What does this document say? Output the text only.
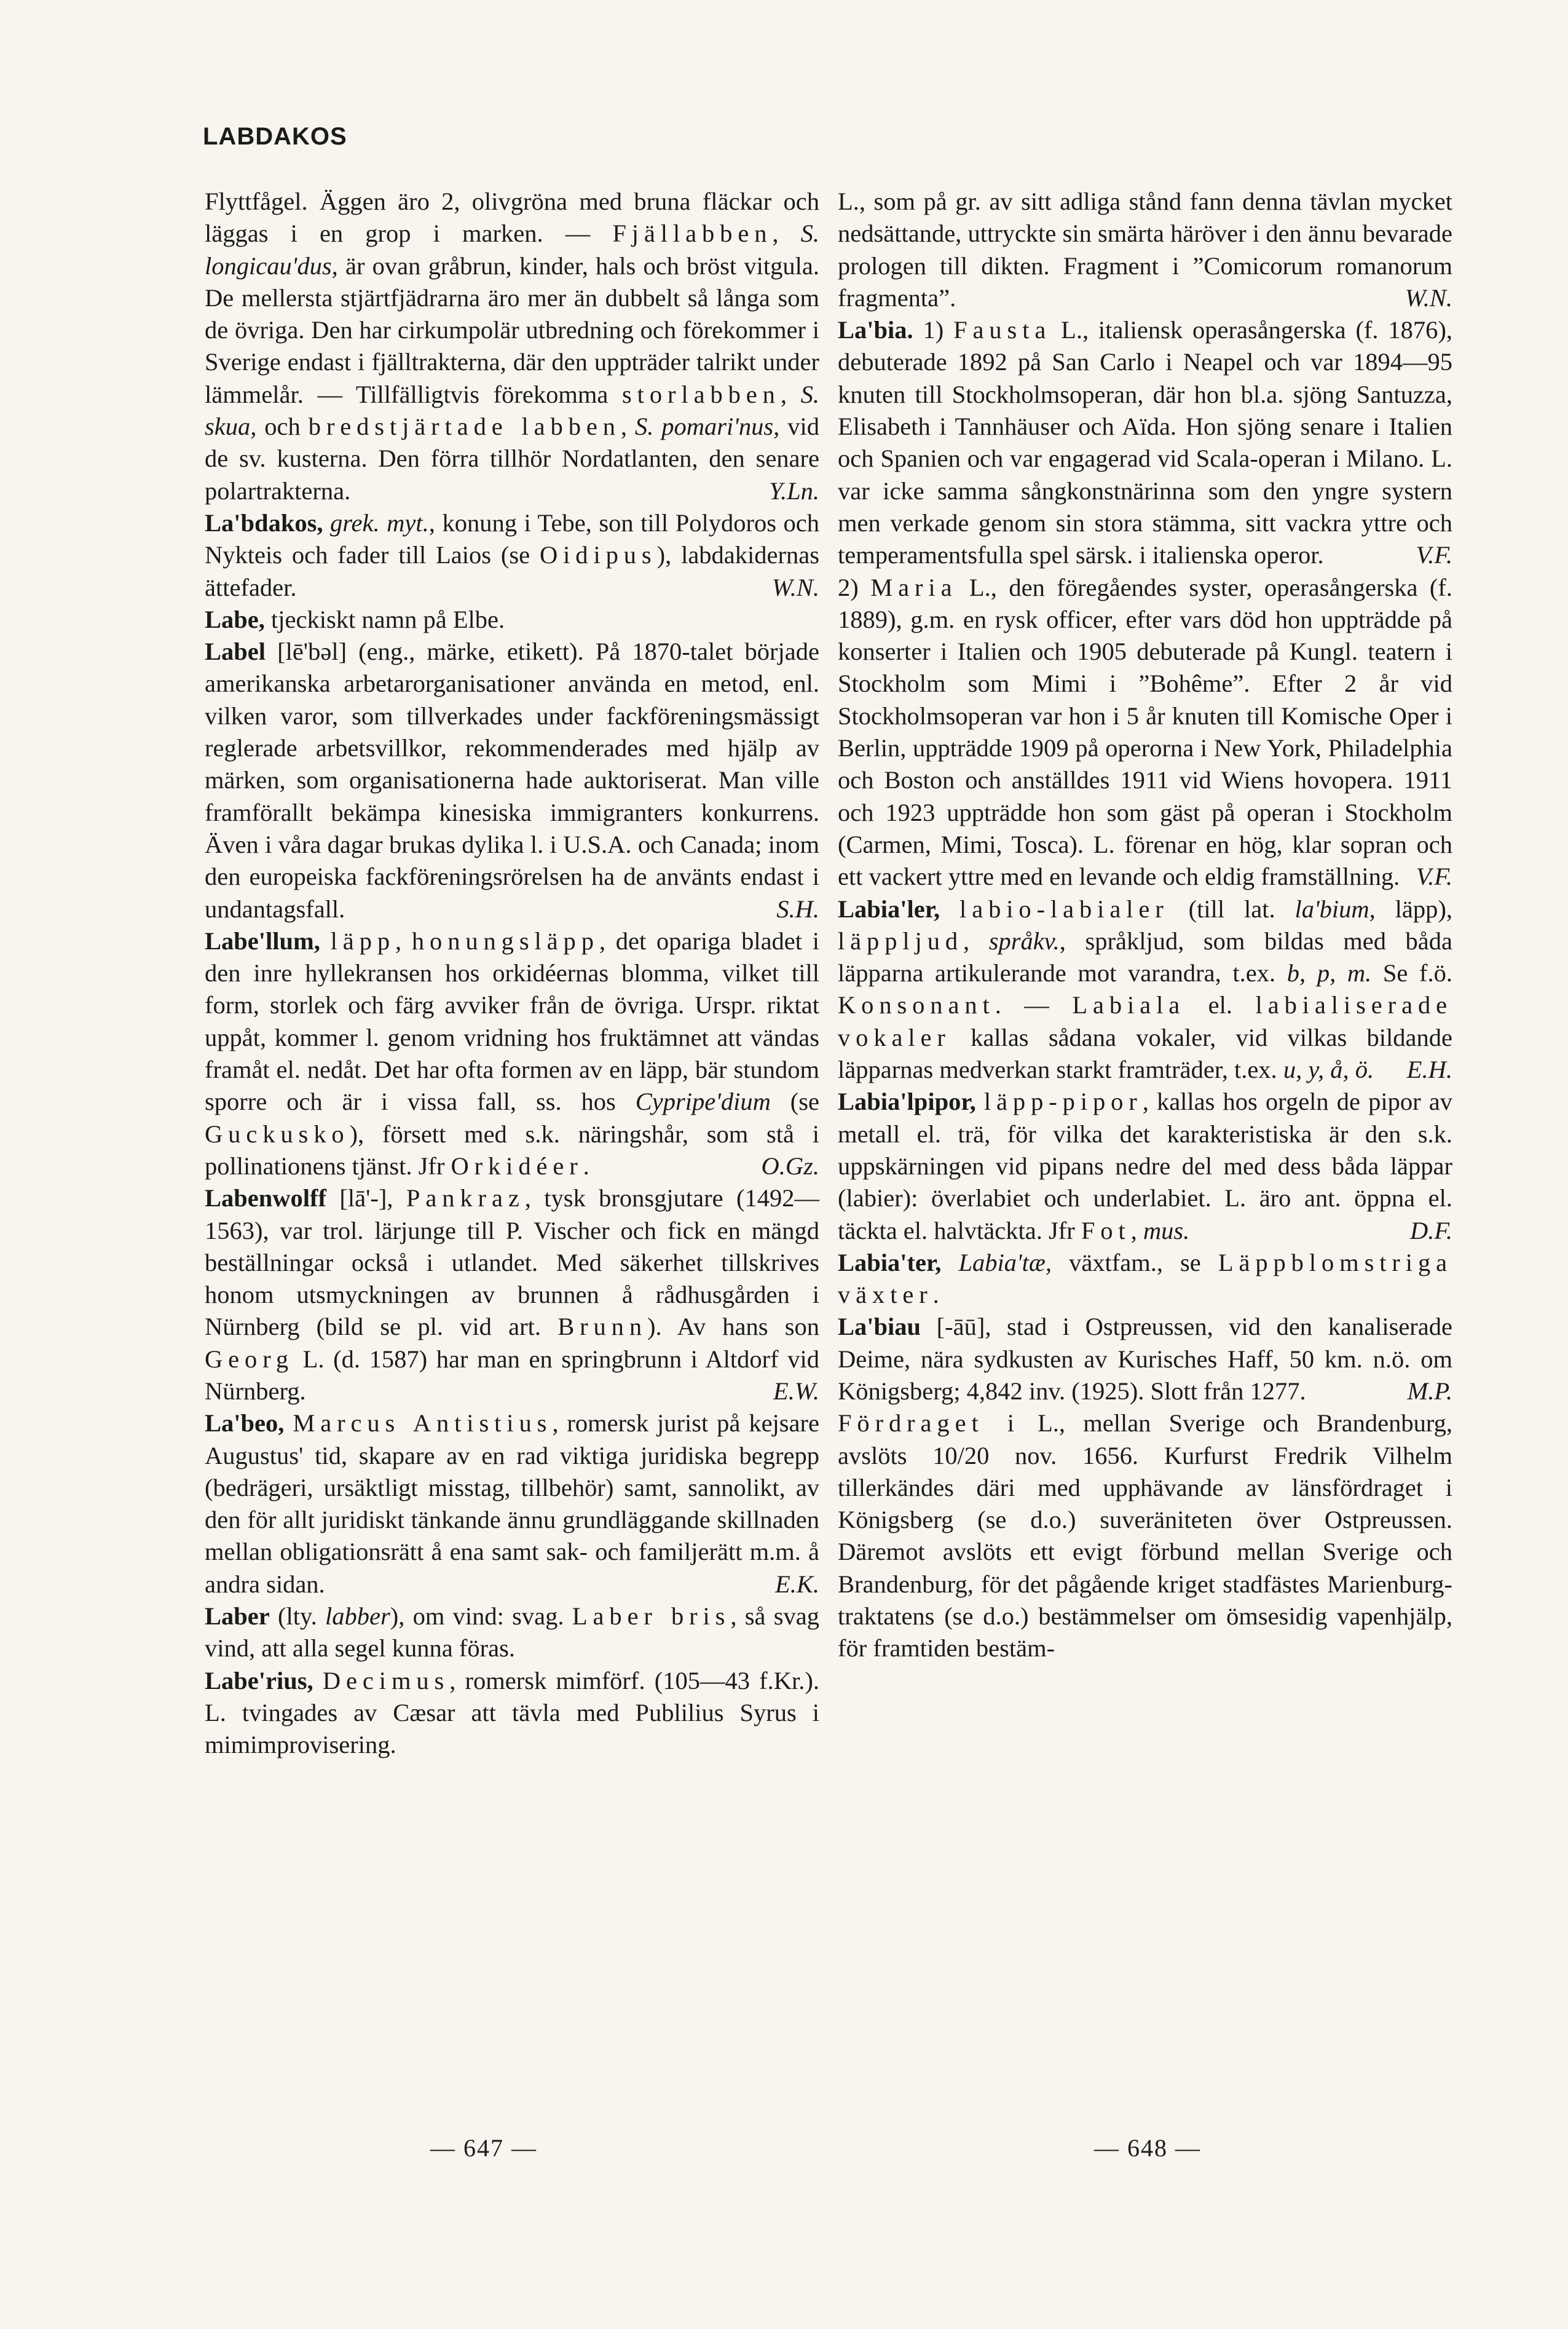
LABDAKOS

Flyttfågel. Äggen äro 2, olivgröna med bruna fläckar och läggas i en grop i marken. — Fjällabben, S. longicau'dus, är ovan gråbrun, kinder, hals och bröst vitgula. De mellersta stjärtfjädrarna äro mer än dubbelt så långa som de övriga. Den har cirkumpolär utbredning och förekommer i Sverige endast i fjälltrakterna, där den uppträder talrikt under lämmelår. — Tillfälligtvis förekomma storlabben, S. skua, och bredstjärtade labben, S. pomari'nus, vid de sv. kusterna. Den förra tillhör Nordatlanten, den senare polartrakterna.	Y.Ln.

La'bdakos, grek. myt., konung i Tebe, son till Polydoros och Nykteis och fader till Laios (se Oidipus), labdakidernas ättefader.	W.N.

Labe, tjeckiskt namn på Elbe.

Label [lē'bəl] (eng., märke, etikett). På 1870-talet började amerikanska arbetarorganisationer använda en metod, enl. vilken varor, som tillverkades under fackföreningsmässigt reglerade arbetsvillkor, rekommenderades med hjälp av märken, som organisationerna hade auktoriserat. Man ville framförallt bekämpa kinesiska immigranters konkurrens. Även i våra dagar brukas dylika l. i U.S.A. och Canada; inom den europeiska fackföreningsrörelsen ha de använts endast i undantagsfall.	S.H.

Labe'llum, läpp, honungsläpp, det opariga bladet i den inre hyllekransen hos orkidéernas blomma, vilket till form, storlek och färg avviker från de övriga. Urspr. riktat uppåt, kommer l. genom vridning hos fruktämnet att vändas framåt el. nedåt. Det har ofta formen av en läpp, bär stundom sporre och är i vissa fall, ss. hos Cypripe'dium (se Guckusko), försett med s.k. näringshår, som stå i pollinationens tjänst. Jfr Orkidéer.	O.Gz.

Labenwolff [lā'-], Pankraz, tysk bronsgjutare (1492—1563), var trol. lärjunge till P. Vischer och fick en mängd beställningar också i utlandet. Med säkerhet tillskrives honom utsmyckningen av brunnen å rådhusgården i Nürnberg (bild se pl. vid art. Brunn). Av hans son Georg L. (d. 1587) har man en springbrunn i Altdorf vid Nürnberg.	E.W.

La'beo, Marcus Antistius, romersk jurist på kejsare Augustus' tid, skapare av en rad viktiga juridiska begrepp (bedrägeri, ursäktligt misstag, tillbehör) samt, sannolikt, av den för allt juridiskt tänkande ännu grundläggande skillnaden mellan obligationsrätt å ena samt sak- och familjerätt m.m. å andra sidan.	E.K.

Laber (lty. labber), om vind: svag. Laber bris, så svag vind, att alla segel kunna föras.

Labe'rius, Decimus, romersk mimförf. (105—43 f.Kr.). L. tvingades av Cæsar att tävla med Publilius Syrus i mimimprovisering.

L., som på gr. av sitt adliga stånd fann denna tävlan mycket nedsättande, uttryckte sin smärta häröver i den ännu bevarade prologen till dikten. Fragment i ”Comicorum romanorum fragmenta”.	W.N.

La'bia. 1) Fausta L., italiensk operasångerska (f. 1876), debuterade 1892 på San Carlo i Neapel och var 1894—95 knuten till Stockholmsoperan, där hon bl.a. sjöng Santuzza, Elisabeth i Tannhäuser och Aïda. Hon sjöng senare i Italien och Spanien och var engagerad vid Scala-operan i Milano. L. var icke samma sångkonstnärinna som den yngre systern men verkade genom sin stora stämma, sitt vackra yttre och temperamentsfulla spel särsk. i italienska operor.	V.F.

2) Maria L., den föregåendes syster, operasångerska (f. 1889), g.m. en rysk officer, efter vars död hon uppträdde på konserter i Italien och 1905 debuterade på Kungl. teatern i Stockholm som Mimi i ”Bohême”. Efter 2 år vid Stockholmsoperan var hon i 5 år knuten till Komische Oper i Berlin, uppträdde 1909 på operorna i New York, Philadelphia och Boston och anställdes 1911 vid Wiens hovopera. 1911 och 1923 uppträdde hon som gäst på operan i Stockholm (Carmen, Mimi, Tosca). L. förenar en hög, klar sopran och ett vackert yttre med en levande och eldig framställning. V.F.

Labia'ler, labio-labialer (till lat. la'bium, läpp), läppljud, språkv., språkljud, som bildas med båda läpparna artikulerande mot varandra, t.ex. b, p, m. Se f.ö. Konsonant. — Labiala el. labialiserade vokaler kallas sådana vokaler, vid vilkas bildande läpparnas medverkan starkt framträder, t.ex. u, y, å, ö. E.H.

Labia'lpipor, läpp-pipor, kallas hos orgeln de pipor av metall el. trä, för vilka det karakteristiska är den s.k. uppskärningen vid pipans nedre del med dess båda läppar (labier): överlabiet och underlabiet. L. äro ant. öppna el. täckta el. halvtäckta. Jfr Fot, mus.	D.F.

Labia'ter, Labia'tæ, växtfam., se Läppblomstriga växter.

La'biau [-āū], stad i Ostpreussen, vid den kanaliserade Deime, nära sydkusten av Kurisches Haff, 50 km. n.ö. om Königsberg; 4,842 inv. (1925). Slott från 1277.	M.P.

Fördraget i L., mellan Sverige och Brandenburg, avslöts 10/20 nov. 1656. Kurfurst Fredrik Vilhelm tillerkändes däri med upphävande av länsfördraget i Königsberg (se d.o.) suveräniteten över Ostpreussen. Däremot avslöts ett evigt förbund mellan Sverige och Brandenburg, för det pågående kriget stadfästes Marienburg-traktatens (se d.o.) bestämmelser om ömsesidig vapenhjälp, för framtiden bestäm-

— 647 —	— 648 —
